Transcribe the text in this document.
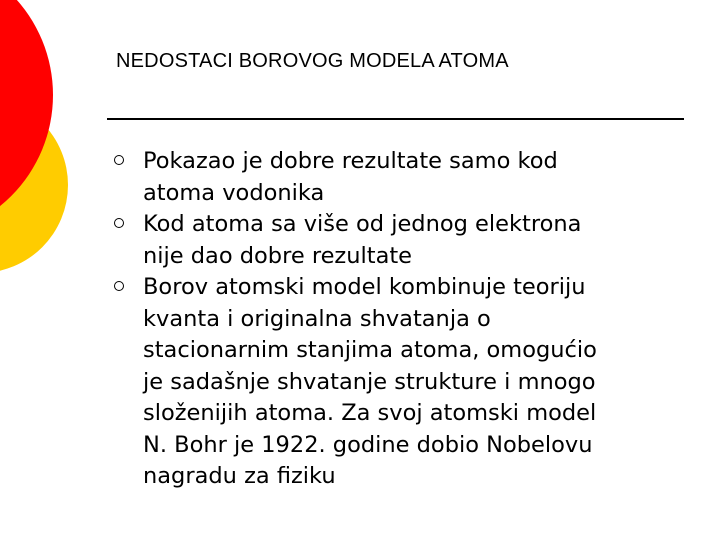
NEDOSTACI BOROVOG MODELA ATOMA
Pokazao je dobre rezultate samo kod
atoma vodonika
Kod atoma sa više od jednog elektrona
nije dao dobre rezultate
Borov atomski model kombinuje teoriju
kvanta i originalna shvatanja o
stacionarnim stanjima atoma, omogućio
je sadašnje shvatanje strukture i mnogo
složenijih atoma. Za svoj atomski model
N. Bohr je 1922. godine dobio Nobelovu
nagradu za fiziku
